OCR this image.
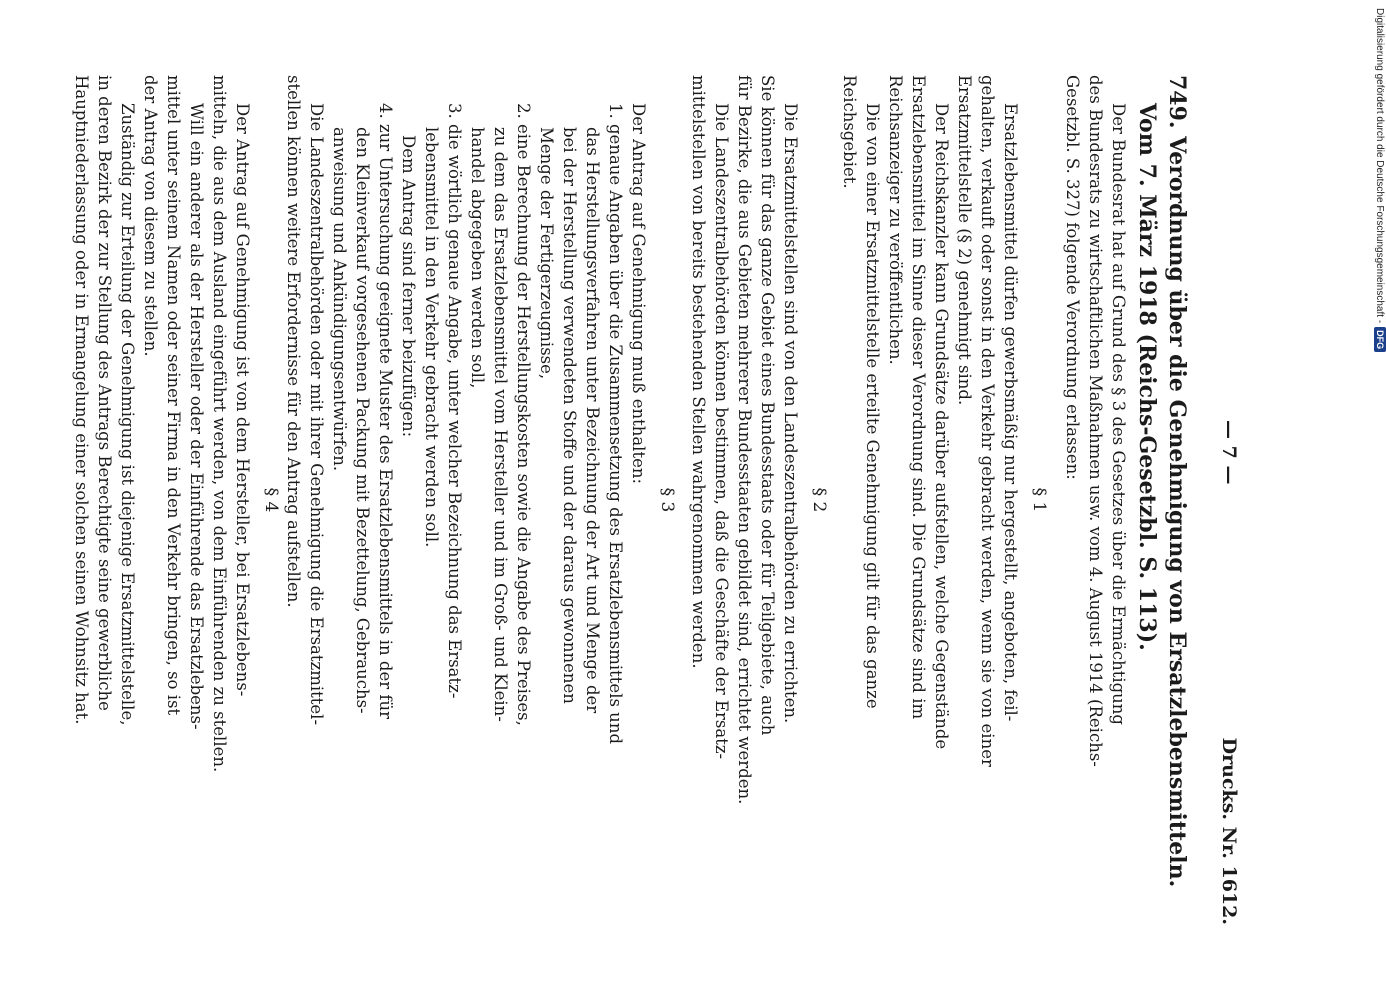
— 7 —
Drucks. Nr. 1612.
749. Verordnung über die Genehmigung von Ersatzlebensmitteln.
Vom 7. März 1918 (Reichs-Gesetzbl. S. 113).
Der Bundesrat hat auf Grund des § 3 des Gesetzes über die Ermächtigung
des Bundesrats zu wirtschaftlichen Maßnahmen usw. vom 4. August 1914 (Reichs-
Gesetzbl. S. 327) folgende Verordnung erlassen:
§ 1
Ersatzlebensmittel dürfen gewerbsmäßig nur hergestellt, angeboten, feil-
gehalten, verkauft oder sonst in den Verkehr gebracht werden, wenn sie von einer
Ersatzmittelstelle (§ 2) genehmigt sind.
Der Reichskanzler kann Grundsätze darüber aufstellen, welche Gegenstände
Ersatzlebensmittel im Sinne dieser Verordnung sind. Die Grundsätze sind im
Reichsanzeiger zu veröffentlichen.
Die von einer Ersatzmittelstelle erteilte Genehmigung gilt für das ganze
Reichsgebiet.
§ 2
Die Ersatzmittelstellen sind von den Landeszentralbehörden zu errichten.
Sie können für das ganze Gebiet eines Bundesstaats oder für Teilgebiete, auch
für Bezirke, die aus Gebieten mehrerer Bundesstaaten gebildet sind, errichtet werden.
Die Landeszentralbehörden können bestimmen, daß die Geschäfte der Ersatz-
mittelstellen von bereits bestehenden Stellen wahrgenommen werden.
§ 3
Der Antrag auf Genehmigung muß enthalten:
1. genaue Angaben über die Zusammensetzung des Ersatzlebensmittels und
das Herstellungsverfahren unter Bezeichnung der Art und Menge der
bei der Herstellung verwendeten Stoffe und der daraus gewonnenen
Menge der Fertigerzeugnisse,
2. eine Berechnung der Herstellungskosten sowie die Angabe des Preises,
zu dem das Ersatzlebensmittel vom Hersteller und im Groß- und Klein-
handel abgegeben werden soll,
3. die wörtlich genaue Angabe, unter welcher Bezeichnung das Ersatz-
lebensmittel in den Verkehr gebracht werden soll.
Dem Antrag sind ferner beizufügen:
4. zur Untersuchung geeignete Muster des Ersatzlebensmittels in der für
den Kleinverkauf vorgesehenen Packung mit Bezettelung, Gebrauchs-
anweisung und Ankündigungsentwürfen.
Die Landeszentralbehörden oder mit ihrer Genehmigung die Ersatzmittel-
stellen können weitere Erfordernisse für den Antrag aufstellen.
§ 4
Der Antrag auf Genehmigung ist von dem Hersteller, bei Ersatzlebens-
mitteln, die aus dem Ausland eingeführt werden, von dem Einführenden zu stellen.
Will ein anderer als der Hersteller oder der Einführende das Ersatzlebens-
mittel unter seinem Namen oder seiner Firma in den Verkehr bringen, so ist
der Antrag von diesem zu stellen.
Zuständig zur Erteilung der Genehmigung ist diejenige Ersatzmittelstelle,
in deren Bezirk der zur Stellung des Antrags Berechtigte seine gewerbliche
Hauptniederlassung oder in Ermangelung einer solchen seinen Wohnsitz hat.	Digitalisierung gefördert durch die Deutsche Forschungsgemeinschaft -DFG
